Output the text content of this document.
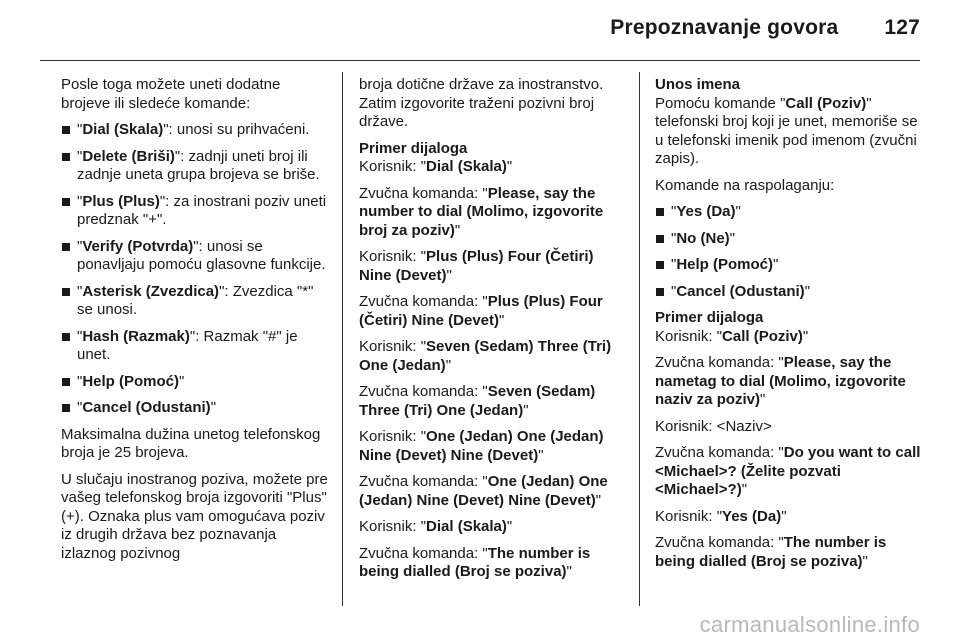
Prepoznavanje govora 127

Posle toga možete uneti dodatne brojeve ili sledeće komande:

"Dial (Skala)": unosi su prihvaćeni.
"Delete (Briši)": zadnji uneti broj ili zadnje uneta grupa brojeva se briše.
"Plus (Plus)": za inostrani poziv uneti predznak "+".
"Verify (Potvrda)": unosi se ponavljaju pomoću glasovne funkcije.
"Asterisk (Zvezdica)": Zvezdica "*" se unosi.
"Hash (Razmak)": Razmak "#" je unet.
"Help (Pomoć)"
"Cancel (Odustani)"

Maksimalna dužina unetog telefonskog broja je 25 brojeva.

U slučaju inostranog poziva, možete pre vašeg telefonskog broja izgovoriti "Plus" (+). Oznaka plus vam omogućava poziv iz drugih država bez poznavanja izlaznog pozivnog

broja dotične države za inostranstvo. Zatim izgovorite traženi pozivni broj države.

Primer dijaloga

Korisnik: "Dial (Skala)"

Zvučna komanda: "Please, say the number to dial (Molimo, izgovorite broj za poziv)"

Korisnik: "Plus (Plus) Four (Četiri) Nine (Devet)"

Zvučna komanda: "Plus (Plus) Four (Četiri) Nine (Devet)"

Korisnik: "Seven (Sedam) Three (Tri) One (Jedan)"

Zvučna komanda: "Seven (Sedam) Three (Tri) One (Jedan)"

Korisnik: "One (Jedan) One (Jedan) Nine (Devet) Nine (Devet)"

Zvučna komanda: "One (Jedan) One (Jedan) Nine (Devet) Nine (Devet)"

Korisnik: "Dial (Skala)"

Zvučna komanda: "The number is being dialled (Broj se poziva)"

Unos imena

Pomoću komande "Call (Poziv)" telefonski broj koji je unet, memoriše se u telefonski imenik pod imenom (zvučni zapis).

Komande na raspolaganju:

"Yes (Da)"
"No (Ne)"
"Help (Pomoć)"
"Cancel (Odustani)"
Primer dijaloga

Korisnik: "Call (Poziv)"

Zvučna komanda: "Please, say the nametag to dial (Molimo, izgovorite naziv za poziv)"

Korisnik: <Naziv>

Zvučna komanda: "Do you want to call <Michael>? (Želite pozvati <Michael>?)"

Korisnik: "Yes (Da)"

Zvučna komanda: "The number is being dialled (Broj se poziva)"

carmanualsonline.info
